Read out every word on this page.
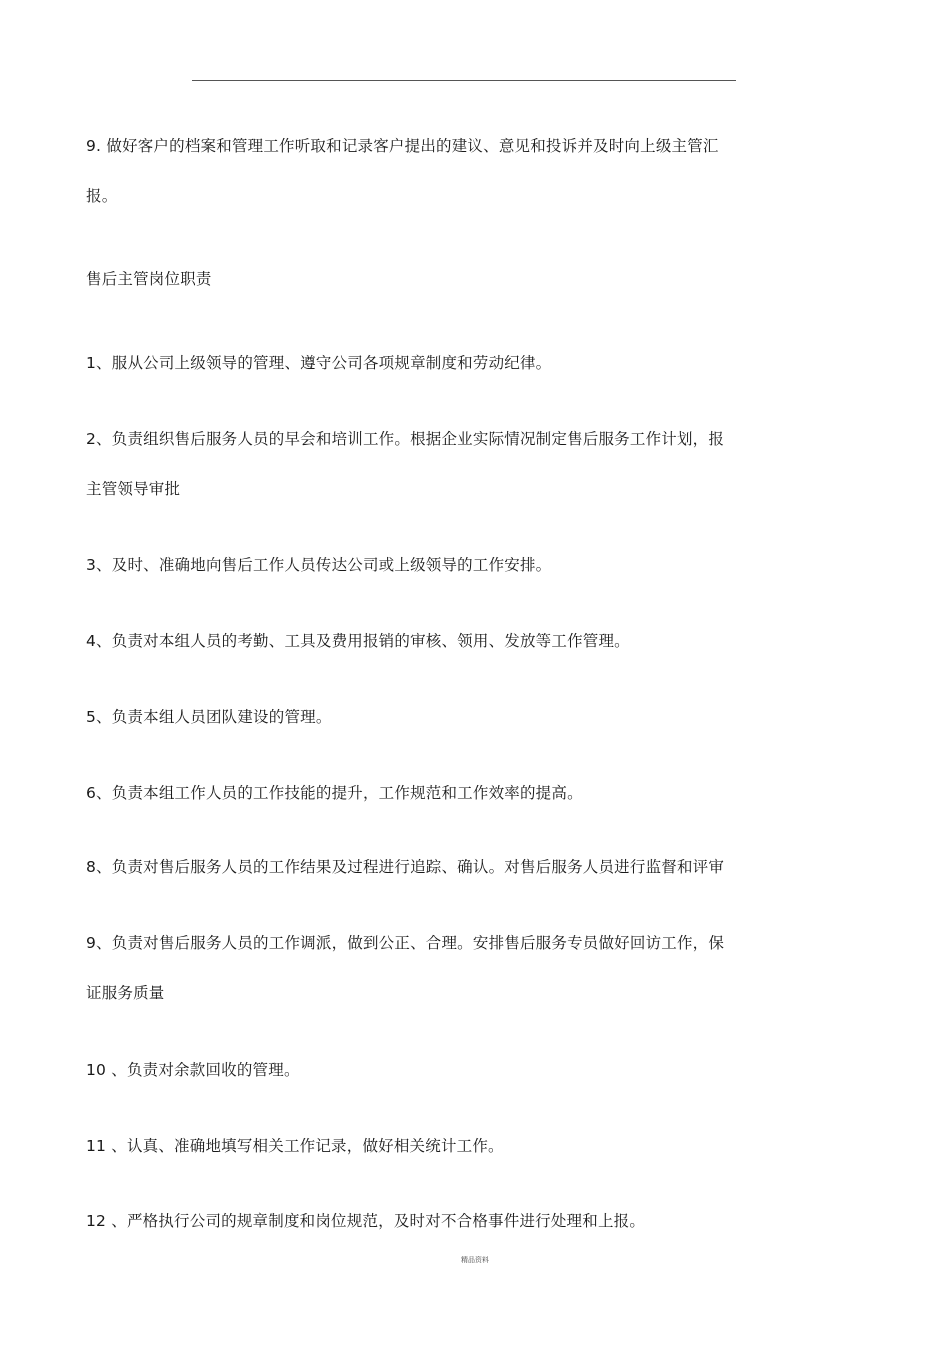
9. 做好客户的档案和管理工作听取和记录客户提出的建议、意见和投诉并及时向上级主管汇
报。
售后主管岗位职责
1、服从公司上级领导的管理、遵守公司各项规章制度和劳动纪律。
2、负责组织售后服务人员的早会和培训工作。根据企业实际情况制定售后服务工作计划，报
主管领导审批
3、及时、准确地向售后工作人员传达公司或上级领导的工作安排。
4、负责对本组人员的考勤、工具及费用报销的审核、领用、发放等工作管理。
5、负责本组人员团队建设的管理。
6、负责本组工作人员的工作技能的提升，工作规范和工作效率的提高。
8、负责对售后服务人员的工作结果及过程进行追踪、确认。对售后服务人员进行监督和评审
9、负责对售后服务人员的工作调派，做到公正、合理。安排售后服务专员做好回访工作，保
证服务质量
10 、负责对余款回收的管理。
11 、认真、准确地填写相关工作记录，做好相关统计工作。
12 、严格执行公司的规章制度和岗位规范，及时对不合格事件进行处理和上报。
精品资料
